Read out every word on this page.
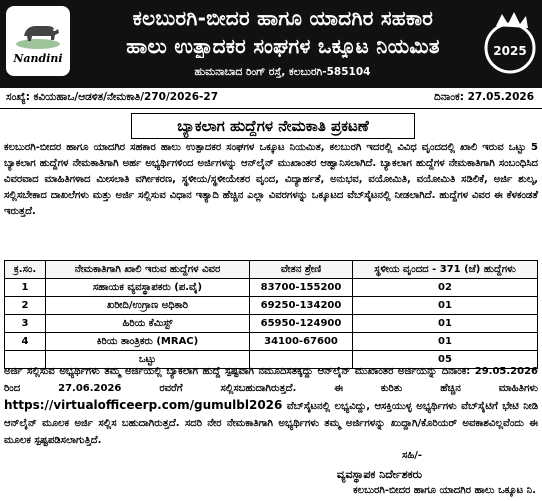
Nandini
ಕಲಬುರಗಿ-ಬೀದರ ಹಾಗೂ ಯಾದಗಿರ ಸಹಕಾರ
ಹಾಲು ಉತ್ಪಾದಕರ ಸಂಘಗಳ ಒಕ್ಕೂಟ ನಿಯಮಿತ
ಹುಮನಾಬಾದ ರಿಂಗ್ ರಸ್ತೆ, ಕಲಬುರಗಿ-585104
2025
ಸಂಖ್ಯೆ: ಕವಿಯಹಾಒ/ಆಡಳಿತ/ನೇಮಕಾತಿ/270/2026-27	ದಿನಾಂಕ: 27.05.2026
ಬ್ಯಾಕಲಾಗ ಹುದ್ದೆಗಳ ನೇಮಕಾತಿ ಪ್ರಕಟಣೆ
ಕಲಬುರಗಿ-ಬೀದರ ಹಾಗೂ ಯಾದಗಿರ ಸಹಕಾರ ಹಾಲು ಉತ್ಪಾದಕರ ಸಂಘಗಳ ಒಕ್ಕೂಟ ನಿಯಮಿತ, ಕಲಬುರಗಿ ಇದರಲ್ಲಿ ವಿವಿಧ ವೃಂದದಲ್ಲಿ ಖಾಲಿ ಇರುವ ಒಟ್ಟು 5 ಬ್ಯಾಕಲಾಗ ಹುದ್ದೆಗಳ ನೇಮಕಾತಿಗಾಗಿ ಅರ್ಹ ಅಭ್ಯರ್ಥಿಗಳಿಂದ ಅರ್ಜಿಗಳನ್ನು ಆನ್‌ಲೈನ್ ಮುಖಾಂತರ ಆಹ್ವಾನಿಸಲಾಗಿದೆ. ಬ್ಯಾಕಲಾಗ ಹುದ್ದೆಗಳ ನೇಮಕಾತಿಗಾಗಿ ಸಂಬಂಧಿಸಿದ ವಿವರವಾದ ಮಾಹಿತಿಗಳಾದ ಮೀಸಲಾತಿ ವರ್ಗೀಕರಣ, ಸ್ಥಳೀಯ/ಸ್ಥಳೀಯೇತರ ವೃಂದ, ವಿದ್ಯಾರ್ಹತೆ, ಅನುಭವ, ವಯೋಮಿತಿ, ವಯೋಮಿತಿ ಸಡಿಲಿಕೆ, ಅರ್ಜಿ ಶುಲ್ಕ, ಸಲ್ಲಿಸಬೇಕಾದ ದಾಖಲೆಗಳು ಮತ್ತು ಅರ್ಜಿ ಸಲ್ಲಿಸುವ ವಿಧಾನ ಇತ್ಯಾದಿ ಹೆಚ್ಚಿನ ಎಲ್ಲಾ ವಿವರಗಳನ್ನು ಒಕ್ಕೂಟದ ವೆಬ್‌ಸೈಟನಲ್ಲಿ ನೀಡಲಾಗಿದೆ. ಹುದ್ದೆಗಳ ವಿವರ ಈ ಕೆಳಕಂಡತೆ ಇರುತ್ತದೆ.
ಕ್ರ.ಸಂ.	ನೇಮಕಾತಿಗಾಗಿ ಖಾಲಿ ಇರುವ ಹುದ್ದೆಗಳ ವಿವರ	ವೇತನ ಶ್ರೇಣಿ	ಸ್ಥಳೀಯ ವೃಂದದ - 371 (ಜೆ) ಹುದ್ದೆಗಳು
1	ಸಹಾಯಕ ವ್ಯವಸ್ಥಾಪಕರು (ಪ.ವೈ)	83700-155200	02
2	ಖರೀದಿ/ಉಗ್ರಾಣ ಅಧಿಕಾರಿ	69250-134200	01
3	ಹಿರಿಯ ಕೆಮಿಸ್ಟ್	65950-124900	01
4	ಕಿರಿಯ ತಾಂತ್ರಿಕರು (MRAC)	34100-67600	01
	ಒಟ್ಟು		05
ಅರ್ಜಿ ಸಲ್ಲಿಸುವ ಅಭ್ಯರ್ಥಿಗಳು ತಮ್ಮ ಅರ್ಜಿಯಲ್ಲಿ ಬ್ಯಾಕಲಾಗ ಹುದ್ದೆ ಸ್ಪಷ್ಟವಾಗಿ ನಮೂದಿಸತಕ್ಕದ್ದು ಆನ್‌ಲೈನ್ ಮುಖಾಂತರ ಅರ್ಜಿಯನ್ನು ದಿನಾಂಕ: 29.05.2026 ರಿಂದ 27.06.2026 ರವರೆಗೆ ಸಲ್ಲಿಸಬಹುದಾಗಿರುತ್ತದೆ. ಈ ಕುರಿತು ಹೆಚ್ಚಿನ ಮಾಹಿತಿಗಳು https://virtualofficeerp.com/gumulbl2026 ವೆಬ್‌ಸೈಟನಲ್ಲಿ ಲಭ್ಯವಿದ್ದು, ಆಸಕ್ತಿಯುಳ್ಳ ಅಭ್ಯರ್ಥಿಗಳು ವೆಬ್‌ಸೈಟಿಗೆ ಭೇಟಿ ನೀಡಿ ಆನ್‌ಲೈನ್ ಮೂಲಕ ಅರ್ಜಿ ಸಲ್ಲಿಸ ಬಹುದಾಗಿರುತ್ತದೆ. ಸದರಿ ನೇರ ನೇಮಕಾತಿಗಾಗಿ ಅಭ್ಯರ್ಥಿಗಳು ತಮ್ಮ ಅರ್ಜಿಗಳನ್ನು ಖುದ್ದಾಗಿ/ಕೊರಿಯರ್ ಅವಕಾಶವಿಲ್ಲವೆಂದು ಈ ಮೂಲಕ ಸ್ಪಷ್ಟಪಡಿಸಲಾಗುತ್ತಿದೆ.
ಸಹಿ/-
ವ್ಯವಸ್ಥಾಪಕ ನಿರ್ದೇಶಕರು
ಕಲಬುರಗಿ-ಬೀದರ ಹಾಗೂ ಯಾದಗಿರ ಹಾಲು ಒಕ್ಕೂಟ ನಿ.
